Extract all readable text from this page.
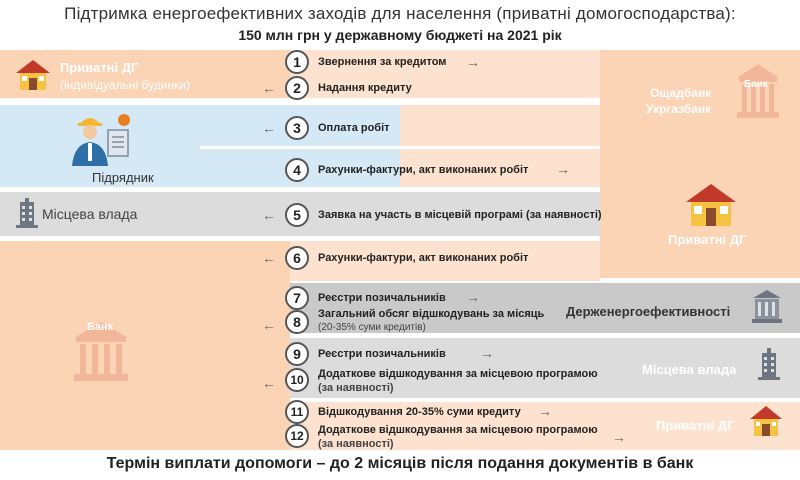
Підтримка енергоефективних заходів для населення (приватні домогосподарства):
150 млн грн у державному бюджеті на 2021 рік
Приватні ДГ
(індивідуальні будинки)	Банк
Ощадбанк
Укргазбанк
Підрядник
Місцева влада
Приватні ДГ
Банк
Держенергоефективності
Місцева влада
Приватні ДГ
1	Звернення за кредитом →
←	2	Надання кредиту
←	3	Оплата робіт
4	Рахунки-фактури, акт виконаних робіт →
←	5	Заявка на участь в місцевій програмі (за наявності)
←	6	Рахунки-фактури, акт виконаних робіт
7	Реєстри позичальників →
←	8	Загальний обсяг відшкодувань за місяць
(20-35% суми кредитів)
9	Реєстри позичальників →
←	10	Додаткове відшкодування за місцевою програмою
(за наявності)
11	Відшкодування 20-35% суми кредиту →
12	Додаткове відшкодування за місцевою програмою
(за наявності)	→
Термін виплати допомоги – до 2 місяців після подання документів в банк
